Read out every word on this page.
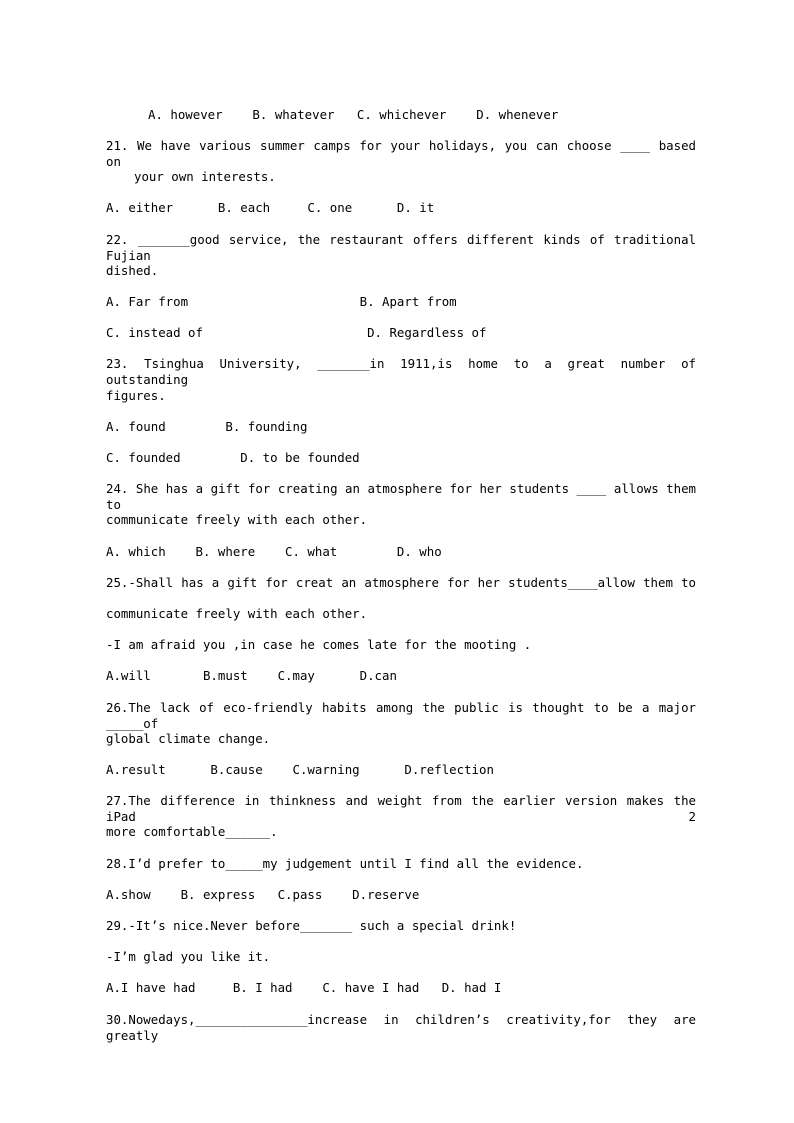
A. however    B. whatever   C. whichever    D. whenever
21. We have various summer camps for your holidays, you can choose ____ based on
your own interests.
A. either      B. each     C. one      D. it
22. _______good service, the restaurant offers different kinds of traditional Fujian
dished.
A. Far from                       B. Apart from
C. instead of                      D. Regardless of
23. Tsinghua University, _______in 1911,is home to a great number of outstanding
figures.
A. found        B. founding
C. founded        D. to be founded
24. She has a gift for creating an atmosphere for her students ____ allows them to
communicate freely with each other.
A. which    B. where    C. what        D. who
25.-Shall has a gift for creat an atmosphere for her students____allow them to
communicate freely with each other.
-I am afraid you ,in case he comes late for the mooting .
A.will       B.must    C.may      D.can
26.The lack of eco-friendly habits among the public is thought to be a major _____of
global climate change.
A.result      B.cause    C.warning      D.reflection
27.The difference in thinkness and weight from the earlier version makes the iPad 2
more comfortable______.
28.I’d prefer to_____my judgement until I find all the evidence.
A.show    B. express   C.pass    D.reserve
29.-It’s nice.Never before_______ such a special drink!
-I’m glad you like it.
A.I have had     B. I had    C. have I had   D. had I
30.Nowedays,_______________increase in children’s creativity,for they are greatly
